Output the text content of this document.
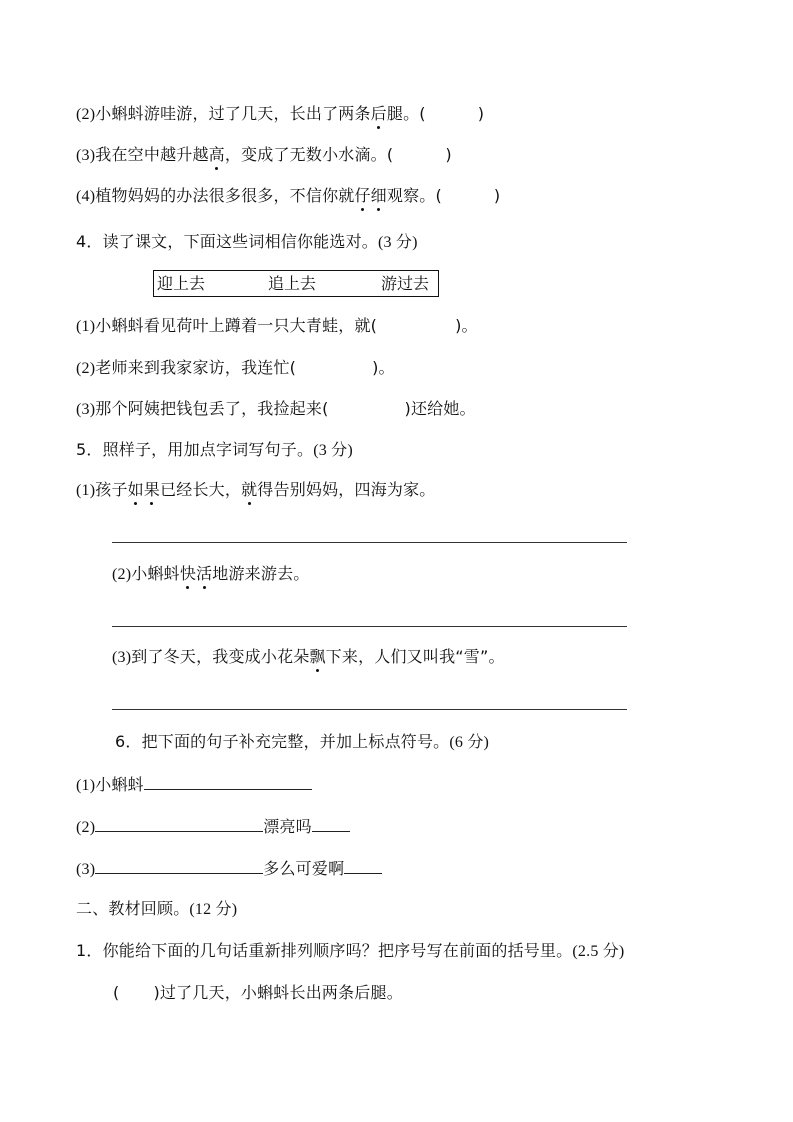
(2)小蝌蚪游哇游，过了几天，长出了两条后腿。(	)
(3)我在空中越升越高，变成了无数小水滴。(	)
(4)植物妈妈的办法很多很多，不信你就仔细观察。(	)
4．读了课文，下面这些词相信你能选对。(3 分)
迎上去	追上去	游过去
(1)小蝌蚪看见荷叶上蹲着一只大青蛙，就(	)。
(2)老师来到我家家访，我连忙(	)。
(3)那个阿姨把钱包丢了，我捡起来(	)还给她。
5．照样子，用加点字词写句子。(3 分)
(1)孩子如果已经长大，就得告别妈妈，四海为家。
(2)小蝌蚪快活地游来游去。
(3)到了冬天，我变成小花朵飘下来，人们又叫我“雪”。
6．把下面的句子补充完整，并加上标点符号。(6 分)
(1)小蝌蚪
(2)	漂亮吗
(3)	多么可爱啊
二、教材回顾。(12 分)
1．你能给下面的几句话重新排列顺序吗？把序号写在前面的括号里。(2.5 分)
( )过了几天，小蝌蚪长出两条后腿。
